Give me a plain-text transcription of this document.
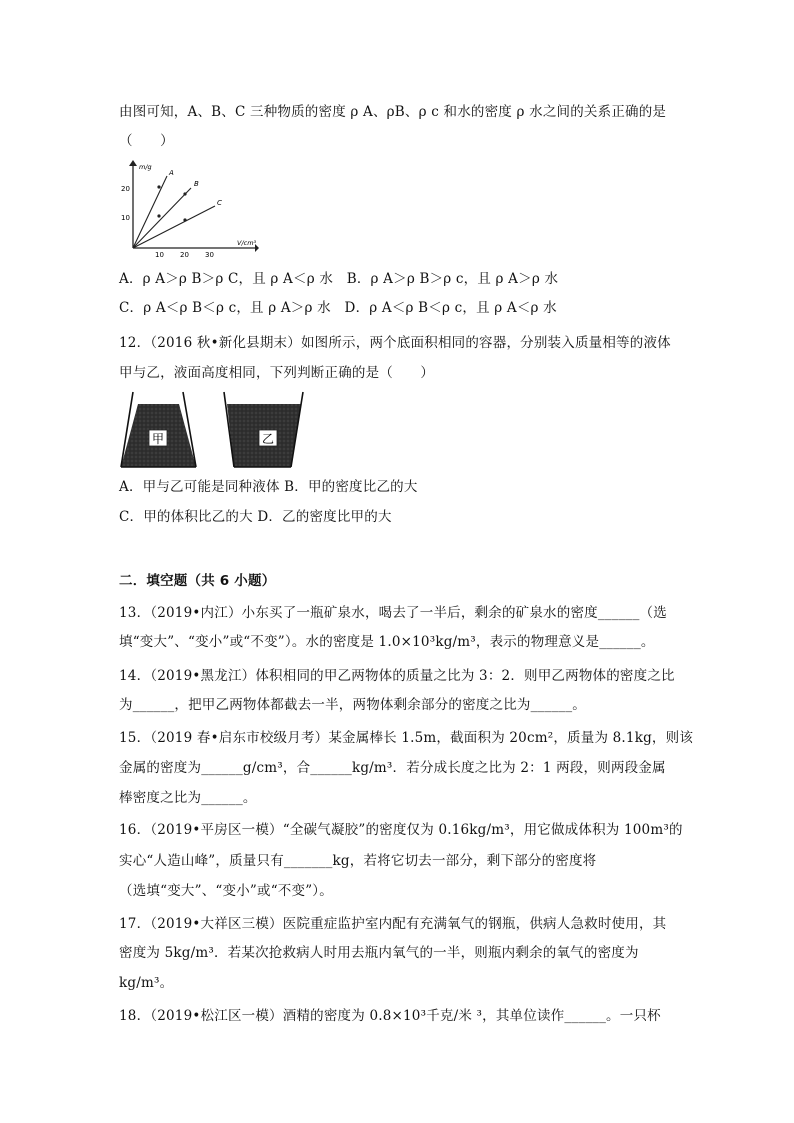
由图可知，A、B、C 三种物质的密度 ρ A、ρB、ρ c 和水的密度 ρ 水之间的关系正确的是
（　　）
m/g
V/cm³
20
10
10 20 30
A
B
C
A．ρ A＞ρ B＞ρ C，且 ρ A＜ρ 水　B．ρ A＞ρ B＞ρ c，且 ρ A＞ρ 水
C．ρ A＜ρ B＜ρ c，且 ρ A＞ρ 水　D．ρ A＜ρ B＜ρ c，且 ρ A＜ρ 水
12．（2016 秋•新化县期末）如图所示，两个底面积相同的容器，分别装入质量相等的液体
甲与乙，液面高度相同，下列判断正确的是（　　）
甲	乙
A．甲与乙可能是同种液体 B．甲的密度比乙的大
C．甲的体积比乙的大 D．乙的密度比甲的大
二．填空题（共 6 小题）
13．（2019•内江）小东买了一瓶矿泉水，喝去了一半后，剩余的矿泉水的密度______（选
填“变大”、“变小”或“不变”）。水的密度是 1.0×10³kg/m³，表示的物理意义是______。
14．（2019•黑龙江）体积相同的甲乙两物体的质量之比为 3：2．则甲乙两物体的密度之比
为______，把甲乙两物体都截去一半，两物体剩余部分的密度之比为______。
15．（2019 春•启东市校级月考）某金属棒长 1.5m，截面积为 20cm²，质量为 8.1kg，则该
金属的密度为______g/cm³，合______kg/m³．若分成长度之比为 2：1 两段，则两段金属
棒密度之比为______。
16．（2019•平房区一模）“全碳气凝胶”的密度仅为 0.16kg/m³，用它做成体积为 100m³的
实心“人造山峰”，质量只有_______kg，若将它切去一部分，剩下部分的密度将
（选填“变大”、“变小”或“不变”）。
17．（2019•大祥区三模）医院重症监护室内配有充满氧气的钢瓶，供病人急救时使用，其
密度为 5kg/m³．若某次抢救病人时用去瓶内氧气的一半，则瓶内剩余的氧气的密度为
kg/m³。
18．（2019•松江区一模）酒精的密度为 0.8×10³千克/米 ³，其单位读作______。一只杯
